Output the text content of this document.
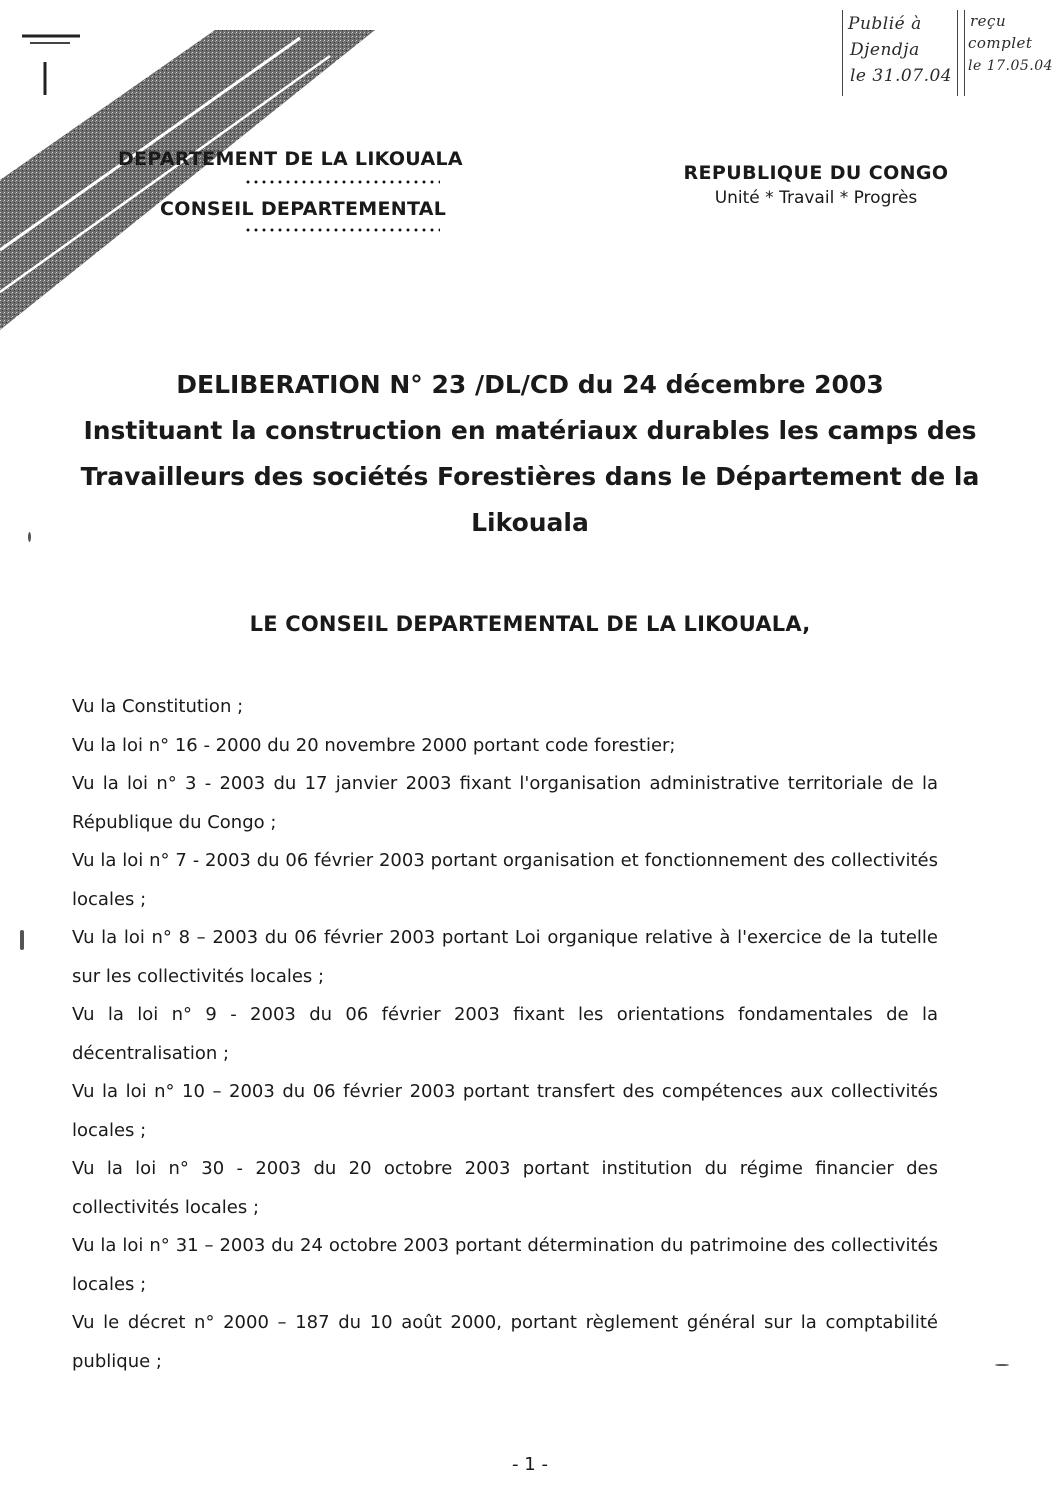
Publié à
Djendja
le 31.07.04
reçu
complet
le 17.05.04
DEPARTEMENT DE LA LIKOUALA
CONSEIL DEPARTEMENTAL
REPUBLIQUE DU CONGO
Unité * Travail * Progrès
DELIBERATION N° 23 /DL/CD du 24 décembre 2003
Instituant la construction en matériaux durables les camps des
Travailleurs des sociétés Forestières dans le Département de la
Likouala
LE CONSEIL DEPARTEMENTAL DE LA LIKOUALA,

Vu la Constitution ;

Vu la loi n° 16 - 2000 du 20 novembre 2000 portant code forestier;

Vu la loi n° 3 - 2003 du 17 janvier 2003 fixant l'organisation administrative territoriale de la République du Congo ;

Vu la loi n° 7 - 2003 du 06 février 2003 portant organisation et fonctionnement des collectivités locales ;

Vu la loi n° 8 – 2003 du 06 février 2003 portant Loi organique relative à l'exercice de la tutelle sur les collectivités locales ;

Vu la loi n° 9 - 2003 du 06 février 2003 fixant les orientations fondamentales de la décentralisation ;

Vu la loi n° 10 – 2003 du 06 février 2003 portant transfert des compétences aux collectivités locales ;

Vu la loi n° 30 - 2003 du 20 octobre 2003 portant institution du régime financier des collectivités locales ;

Vu la loi n° 31 – 2003 du 24 octobre 2003 portant détermination du patrimoine des collectivités locales ;

Vu le décret n° 2000 – 187 du 10 août 2000, portant règlement général sur la comptabilité publique ;

- 1 -
